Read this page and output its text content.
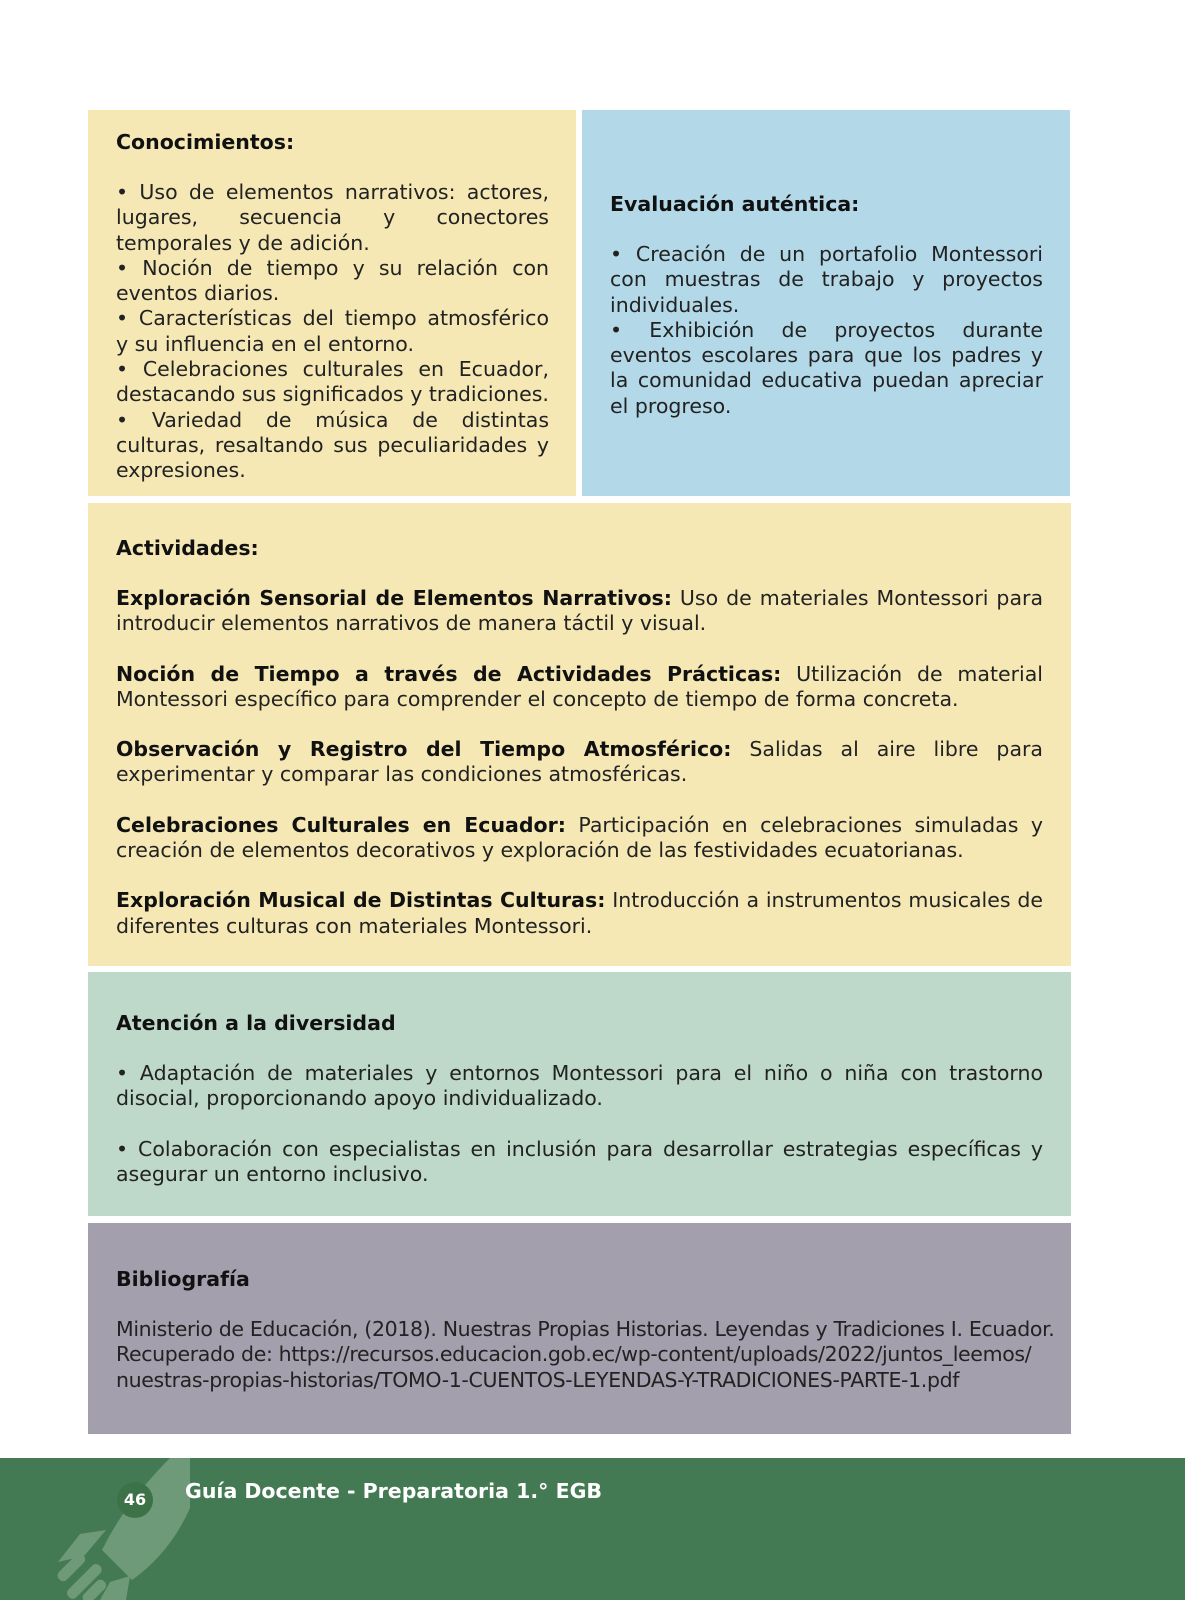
Conocimientos:

• Uso de elementos narrativos: actores, lugares, secuencia y conectores temporales y de adición.

• Noción de tiempo y su relación con eventos diarios.

• Características del tiempo atmosférico y su influencia en el entorno.

• Celebraciones culturales en Ecuador, destacando sus significados y tradiciones.

• Variedad de música de distintas culturas, resaltando sus peculiaridades y expresiones.

Evaluación auténtica:

• Creación de un portafolio Montessori con muestras de trabajo y proyectos individuales.

• Exhibición de proyectos durante eventos escolares para que los padres y la comunidad educativa puedan apreciar el progreso.

Actividades:

Exploración Sensorial de Elementos Narrativos: Uso de materiales Montessori para introducir elementos narrativos de manera táctil y visual.

Noción de Tiempo a través de Actividades Prácticas: Utilización de material Montessori específico para comprender el concepto de tiempo de forma concreta.

Observación y Registro del Tiempo Atmosférico: Salidas al aire libre para experimentar y comparar las condiciones atmosféricas.

Celebraciones Culturales en Ecuador: Participación en celebraciones simuladas y creación de elementos decorativos y exploración de las festividades ecuatorianas.

Exploración Musical de Distintas Culturas: Introducción a instrumentos musicales de diferentes culturas con materiales Montessori.

Atención a la diversidad

• Adaptación de materiales y entornos Montessori para el niño o niña con trastorno disocial, proporcionando apoyo individualizado.

• Colaboración con especialistas en inclusión para desarrollar estrategias específicas y asegurar un entorno inclusivo.

Bibliografía

Ministerio de Educación, (2018). Nuestras Propias Historias. Leyendas y Tradiciones I. Ecuador.

Recuperado de: https://recursos.educacion.gob.ec/wp-content/uploads/2022/juntos_leemos/

nuestras-propias-historias/TOMO-1-CUENTOS-LEYENDAS-Y-TRADICIONES-PARTE-1.pdf

46	Guía Docente - Preparatoria 1.° EGB
